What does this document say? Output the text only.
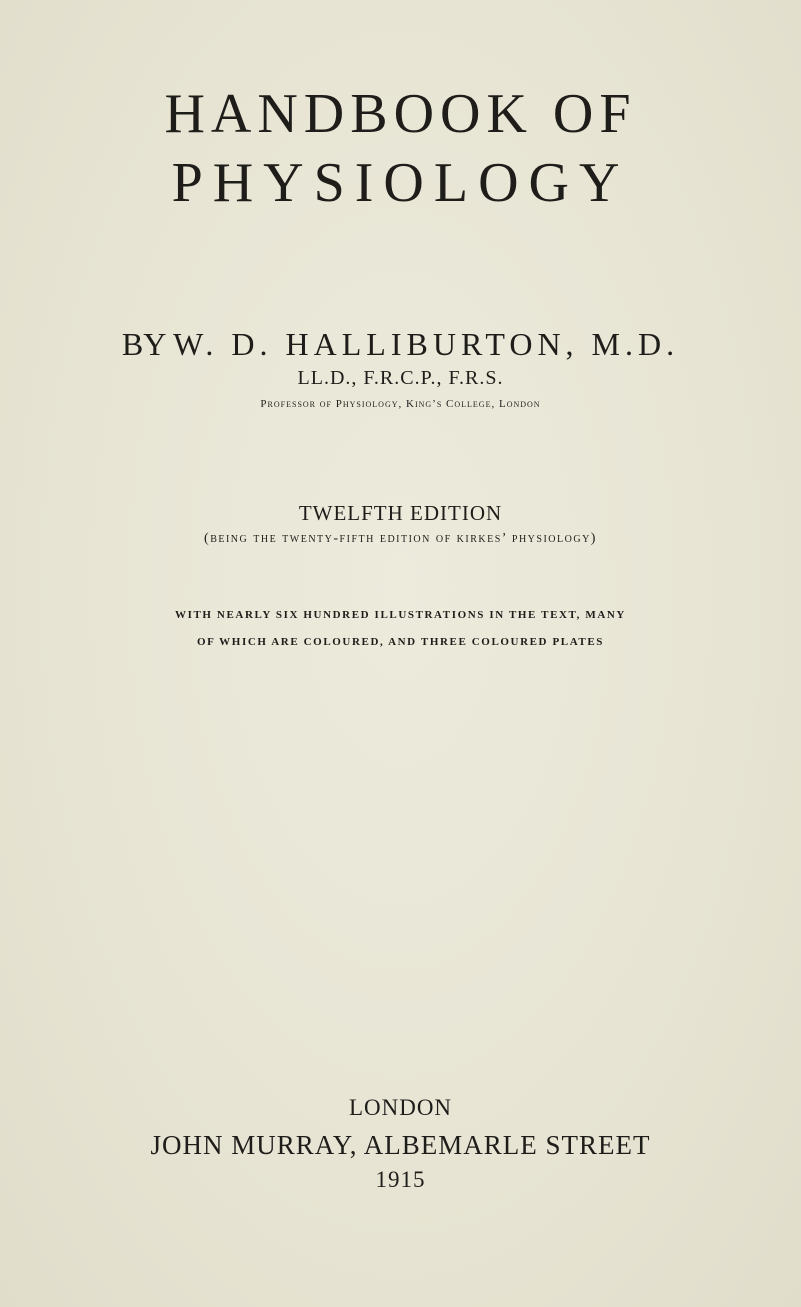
HANDBOOK OF
PHYSIOLOGY
BY W. D. HALLIBURTON, M.D.
LL.D., F.R.C.P., F.R.S.
Professor of Physiology, King’s College, London
TWELFTH EDITION
(being the twenty-fifth edition of kirkes’ physiology)
WITH NEARLY SIX HUNDRED ILLUSTRATIONS IN THE TEXT, MANY
OF WHICH ARE COLOURED, AND THREE COLOURED PLATES
LONDON
JOHN MURRAY, ALBEMARLE STREET
1915
